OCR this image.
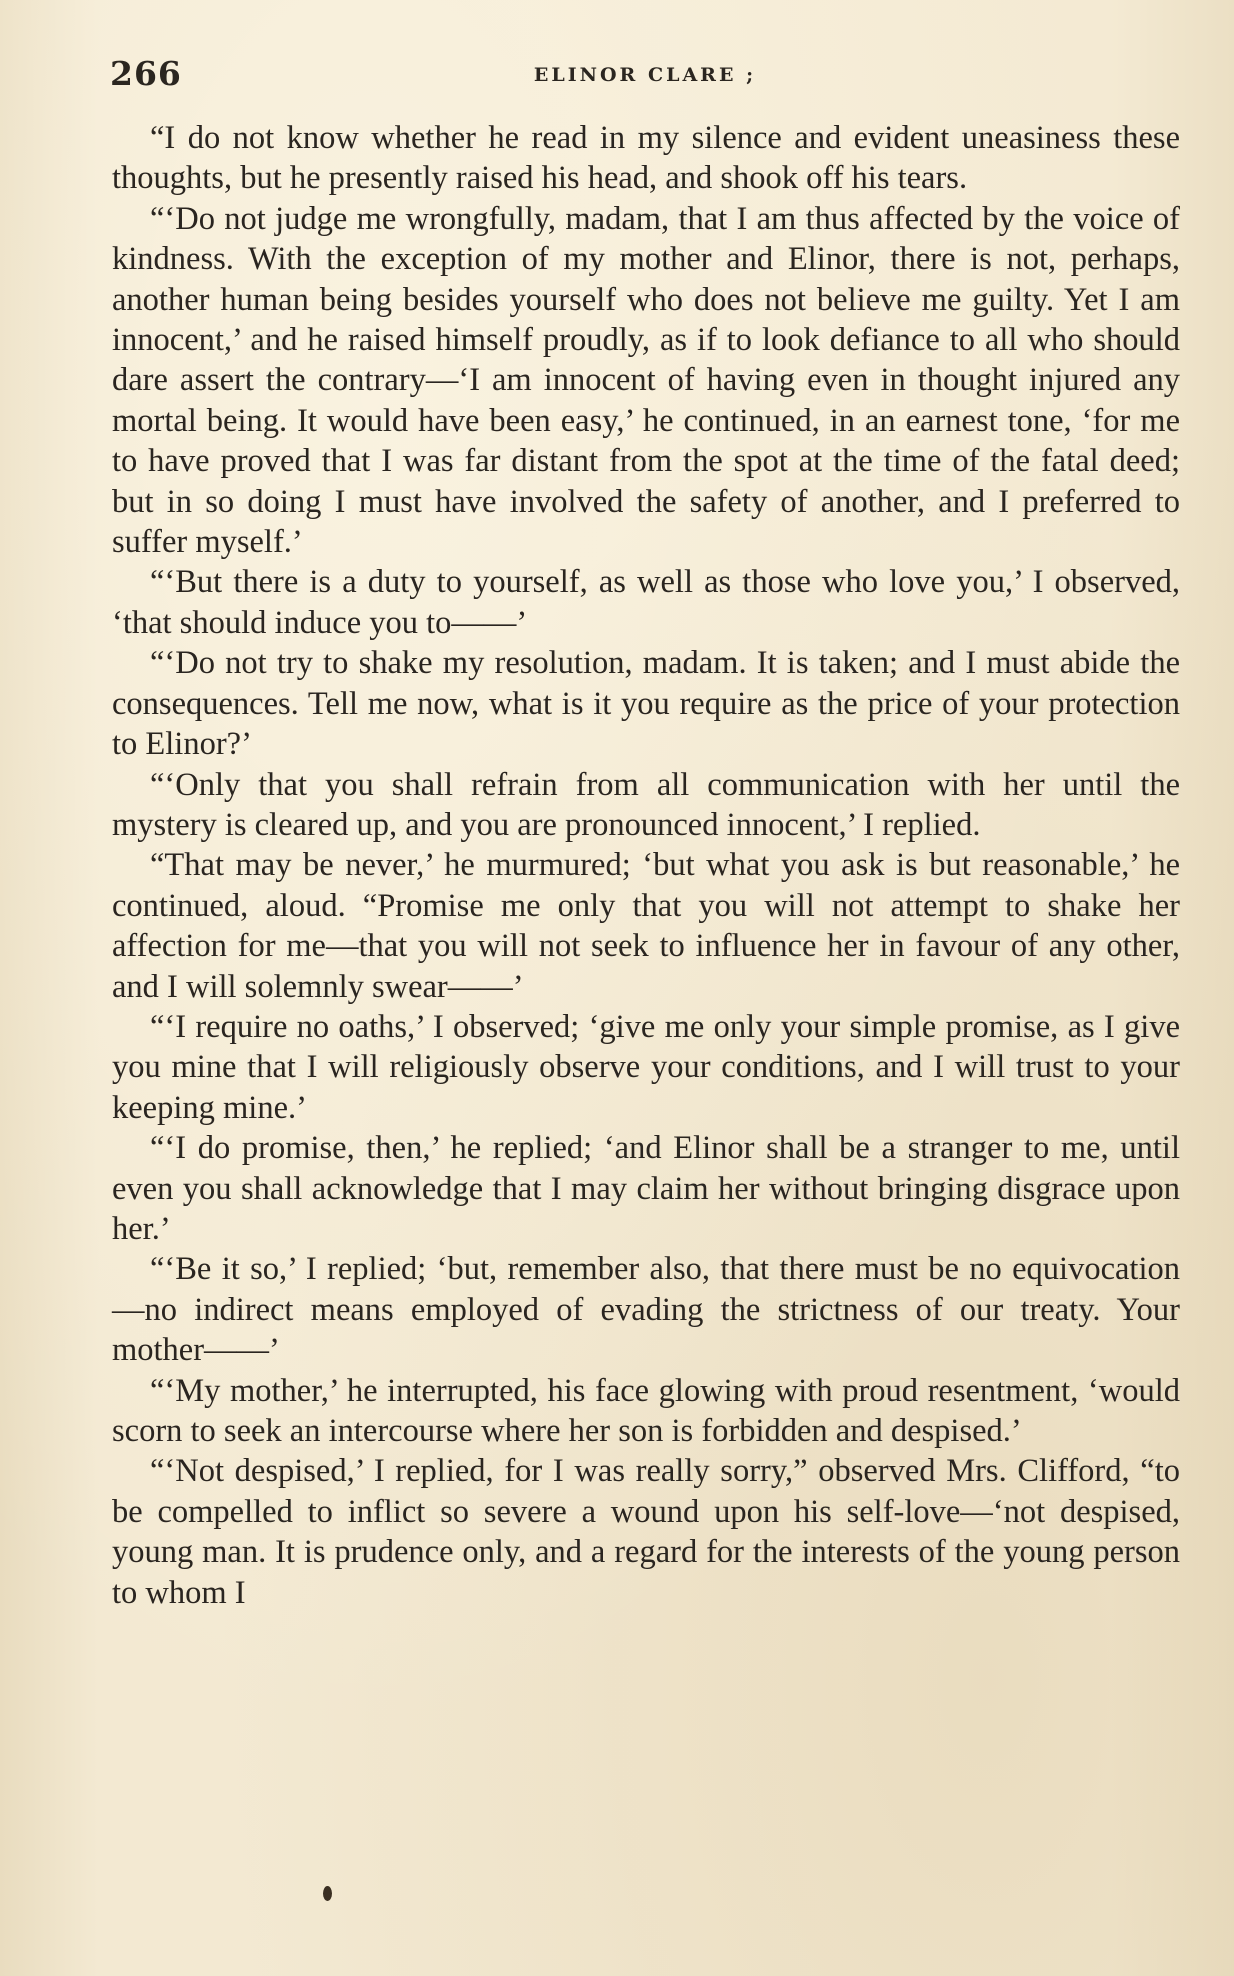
266	ELINOR CLARE ;

“I do not know whether he read in my silence and evident uneasiness these thoughts, but he presently raised his head, and shook off his tears.

“‘Do not judge me wrongfully, madam, that I am thus affected by the voice of kindness. With the exception of my mother and Elinor, there is not, perhaps, another human being besides yourself who does not believe me guilty. Yet I am innocent,’ and he raised himself proudly, as if to look defiance to all who should dare assert the contrary—‘I am innocent of having even in thought injured any mortal being. It would have been easy,’ he continued, in an earnest tone, ‘for me to have proved that I was far distant from the spot at the time of the fatal deed; but in so doing I must have involved the safety of another, and I preferred to suffer myself.’

“‘But there is a duty to yourself, as well as those who love you,’ I observed, ‘that should induce you to——’

“‘Do not try to shake my resolution, madam. It is taken; and I must abide the consequences. Tell me now, what is it you require as the price of your protection to Elinor?’

“‘Only that you shall refrain from all communication with her until the mystery is cleared up, and you are pronounced innocent,’ I replied.

“That may be never,’ he murmured; ‘but what you ask is but reasonable,’ he continued, aloud. “Promise me only that you will not attempt to shake her affection for me—that you will not seek to influence her in favour of any other, and I will solemnly swear——’

“‘I require no oaths,’ I observed; ‘give me only your simple promise, as I give you mine that I will religiously observe your conditions, and I will trust to your keeping mine.’

“‘I do promise, then,’ he replied; ‘and Elinor shall be a stranger to me, until even you shall acknowledge that I may claim her without bringing disgrace upon her.’

“‘Be it so,’ I replied; ‘but, remember also, that there must be no equivocation—no indirect means employed of evading the strictness of our treaty. Your mother——’

“‘My mother,’ he interrupted, his face glowing with proud resentment, ‘would scorn to seek an intercourse where her son is forbidden and despised.’

“‘Not despised,’ I replied, for I was really sorry,” observed Mrs. Clifford, “to be compelled to inflict so severe a wound upon his self-love—‘not despised, young man. It is prudence only, and a regard for the interests of the young person to whom I
